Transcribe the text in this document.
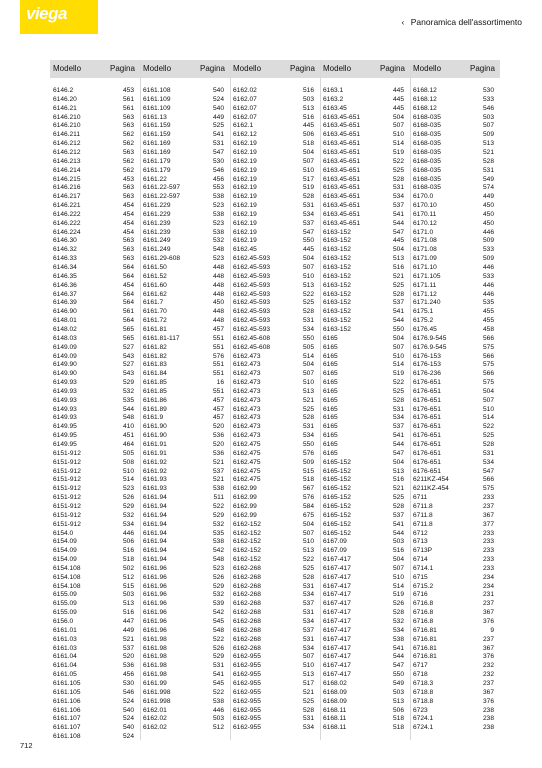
viega	‹ Panoramica dell'assortimento
Modello	Pagina Modello	Pagina Modello	Pagina Modello	Pagina Modello	Pagina
6146.2	453
6146.20	561
6146.21	561
6146.210	563
6146.210	563
6146.211	562
6146.212	562
6146.212	563
6146.213	562
6146.214	562
6146.215	453
6146.216	563
6146.217	563
6146.221	454
6146.222	454
6146.222	454
6146.224	454
6146.30	563
6146.32	563
6146.33	563
6146.34	564
6146.35	564
6146.36	454
6146.37	564
6146.39	564
6146.90	561
6148.01	564
6148.02	565
6148.03	565
6149.09	527
6149.09	543
6149.90	527
6149.90	543
6149.93	529
6149.93	532
6149.93	535
6149.93	544
6149.93	548
6149.95	410
6149.95	451
6149.95	464
6151-912	505
6151-912	508
6151-912	510
6151-912	514
6151-912	523
6151-912	526
6151-912	529
6151-912	532
6151-912	534
6154.0	446
6154.09	506
6154.09	516
6154.09	518
6154.108	502
6154.108	512
6154.108	515
6155.09	503
6155.09	513
6155.09	516
6156.0	447
6161.01	449
6161.03	521
6161.03	537
6161.04	520
6161.04	536
6161.05	456
6161.105	530
6161.105	546
6161.106	524
6161.106	540
6161.107	524
6161.107	540
6161.108	524
6161.108	540
6161.109	524
6161.109	540
6161.13	449
6161.159	525
6161.159	541
6161.169	531
6161.169	547
6161.179	530
6161.179	546
6161.22	456
6161.22-597	553
6161.22-597	538
6161.229	523
6161.229	538
6161.239	523
6161.239	538
6161.249	532
6161.249	548
6161.29-608	523
6161.50	448
6161.52	448
6161.60	448
6161.62	448
6161.7	450
6161.70	448
6161.72	448
6161.81	457
6161.81-117	551
6161.82	551
6161.82	576
6161.83	551
6161.84	551
6161.85	16
6161.85	551
6161.86	457
6161.89	457
6161.9	457
6161.90	520
6161.90	536
6161.91	520
6161.91	536
6161.92	521
6161.92	537
6161.93	521
6161.93	538
6161.94	511
6161.94	522
6161.94	529
6161.94	532
6161.94	535
6161.94	538
6161.94	542
6161.94	548
6161.96	523
6161.96	526
6161.96	529
6161.96	532
6161.96	539
6161.96	542
6161.96	545
6161.96	548
6161.98	522
6161.98	526
6161.98	529
6161.98	531
6161.98	541
6161.99	545
6161.998	522
6161.998	538
6162.01	446
6162.02	503
6162.02	512
6162.02	516
6162.07	503
6162.07	513
6162.07	516
6162.1	445
6162.12	506
6162.19	518
6162.19	504
6162.19	507
6162.19	510
6162.19	517
6162.19	519
6162.19	528
6162.19	531
6162.19	534
6162.19	537
6162.19	547
6162.19	550
6162.45	445
6162.45-593	504
6162.45-593	507
6162.45-593	510
6162.45-593	513
6162.45-593	522
6162.45-593	525
6162.45-593	528
6162.45-593	531
6162.45-593	534
6162.45-608	550
6162.45-608	505
6162.473	514
6162.473	504
6162.473	507
6162.473	510
6162.473	513
6162.473	521
6162.473	525
6162.473	528
6162.473	531
6162.473	534
6162.475	550
6162.475	576
6162.475	509
6162.475	515
6162.475	518
6162.99	567
6162.99	576
6162.99	584
6162.99	675
6162-152	504
6162-152	507
6162-152	510
6162-152	513
6162-152	522
6162-268	525
6162-268	528
6162-268	531
6162-268	534
6162-268	537
6162-268	531
6162-268	534
6162-268	537
6162-268	531
6162-268	534
6162-955	507
6162-955	510
6162-955	513
6162-955	517
6162-955	521
6162-955	525
6162-955	528
6162-955	531
6162-955	534
6163.1	445
6163.2	445
6163.45	445
6163.45-651	504
6163.45-651	507
6163.45-651	510
6163.45-651	514
6163.45-651	519
6163.45-651	522
6163.45-651	525
6163.45-651	528
6163.45-651	531
6163.45-651	534
6163.45-651	537
6163.45-651	541
6163.45-651	544
6163-152	547
6163-152	445
6163-152	504
6163-152	513
6163-152	516
6163-152	521
6163-152	525
6163-152	528
6163-152	537
6163-152	541
6163-152	544
6163-152	550
6165	504
6165	507
6165	510
6165	514
6165	519
6165	522
6165	525
6165	528
6165	531
6165	534
6165	537
6165	541
6165	544
6165	547
6165-152	504
6165-152	513
6165-152	516
6165-152	521
6165-152	525
6165-152	528
6165-152	537
6165-152	541
6165-152	544
6167.09	503
6167.09	516
6167-417	504
6167-417	507
6167-417	510
6167-417	514
6167-417	519
6167-417	526
6167-417	528
6167-417	532
6167-417	534
6167-417	538
6167-417	541
6167-417	544
6167-417	547
6167-417	550
6168.02	549
6168.09	503
6168.09	513
6168.11	506
6168.11	518
6168.11	518
6168.12	530
6168.12	533
6168.12	546
6168-035	503
6168-035	507
6168-035	509
6168-035	513
6168-035	521
6168-035	528
6168-035	531
6168-035	549
6168-035	574
6170.0	449
6170.10	450
6170.11	450
6170.12	450
6171.0	446
6171.08	509
6171.08	533
6171.09	509
6171.10	446
6171.105	533
6171.11	446
6171.12	446
6171.240	535
6175.1	455
6175.2	455
6176.45	458
6176.9-545	566
6176.9-545	575
6176-153	566
6176-153	575
6176-236	566
6176-651	575
6176-651	504
6176-651	507
6176-651	510
6176-651	514
6176-651	522
6176-651	525
6176-651	528
6176-651	531
6176-651	534
6176-651	547
6211KZ-454	566
6211KZ-454	575
6711	233
6711.8	237
6711.8	367
6711.8	377
6712	233
6713	233
6713P	233
6714	233
6714.1	233
6715	234
6715.2	234
6716	231
6716.8	237
6716.8	367
6716.8	376
6716.81	9
6716.81	237
6716.81	367
6716.81	376
6717	232
6718	232
6718.3	237
6718.8	367
6718.8	376
6723	238
6724.1	238
6724.1	238
712
